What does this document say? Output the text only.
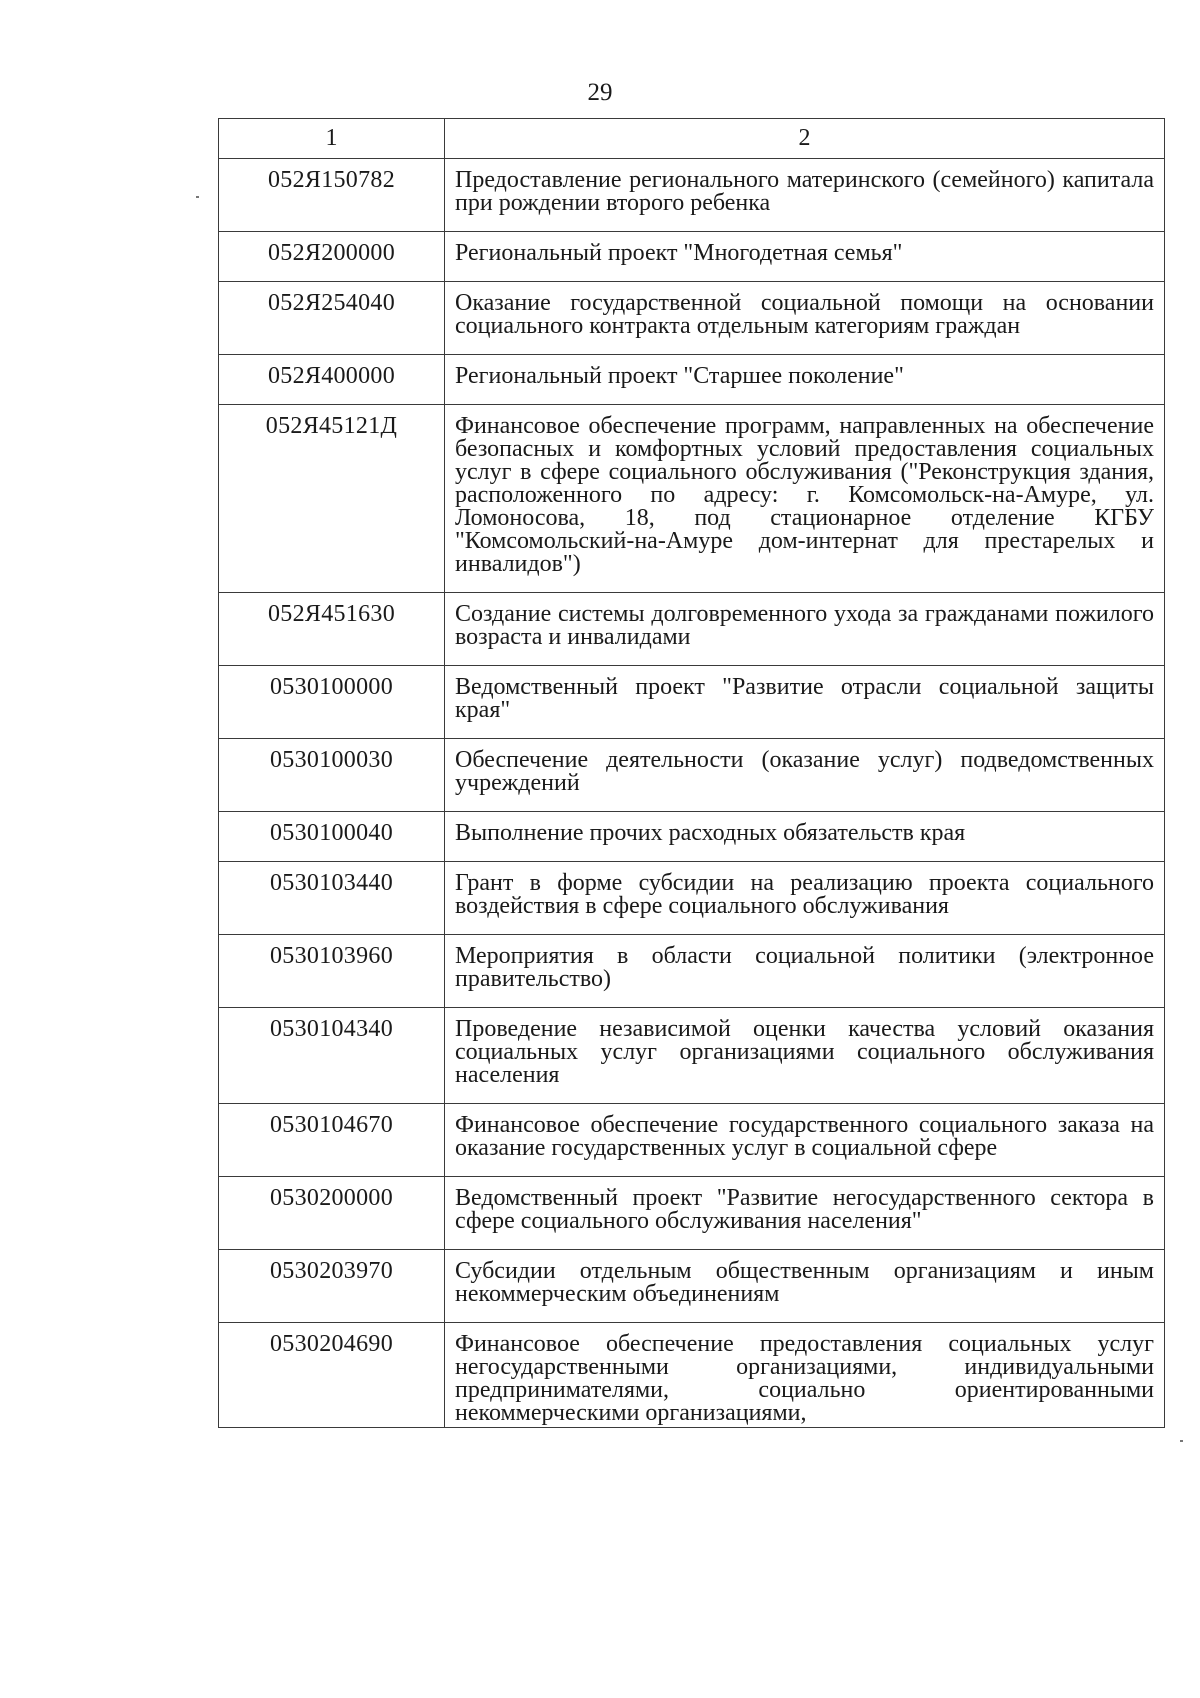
29
1	2
052Я150782	Предоставление регионального материнского (семейного) капитала при рождении второго ребенка
052Я200000	Региональный проект "Многодетная семья"
052Я254040	Оказание государственной социальной помощи на основании социального контракта отдельным категориям граждан
052Я400000	Региональный проект "Старшее поколение"
052Я45121Д	Финансовое обеспечение программ, направленных на обеспечение безопасных и комфортных условий предоставления социальных услуг в сфере социального обслуживания ("Реконструкция здания, расположенного по адресу: г. Комсомольск-на-Амуре, ул. Ломоносова, 18, под стационарное отделение КГБУ "Комсомольский-на-Амуре дом-интернат для престарелых и инвалидов")
052Я451630	Создание системы долговременного ухода за гражданами пожилого возраста и инвалидами
0530100000	Ведомственный проект "Развитие отрасли социальной защиты края"
0530100030	Обеспечение деятельности (оказание услуг) подведомственных учреждений
0530100040	Выполнение прочих расходных обязательств края
0530103440	Грант в форме субсидии на реализацию проекта социального воздействия в сфере социального обслуживания
0530103960	Мероприятия в области социальной политики (электронное правительство)
0530104340	Проведение независимой оценки качества условий оказания социальных услуг организациями социального обслуживания населения
0530104670	Финансовое обеспечение государственного социального заказа на оказание государственных услуг в социальной сфере
0530200000	Ведомственный проект "Развитие негосударственного сектора в сфере социального обслуживания населения"
0530203970	Субсидии отдельным общественным организациям и иным некоммерческим объединениям
0530204690	Финансовое обеспечение предоставления социальных услуг негосударственными организациями, индивидуальными предпринимателями, социально ориентированными некоммерческими организациями,
